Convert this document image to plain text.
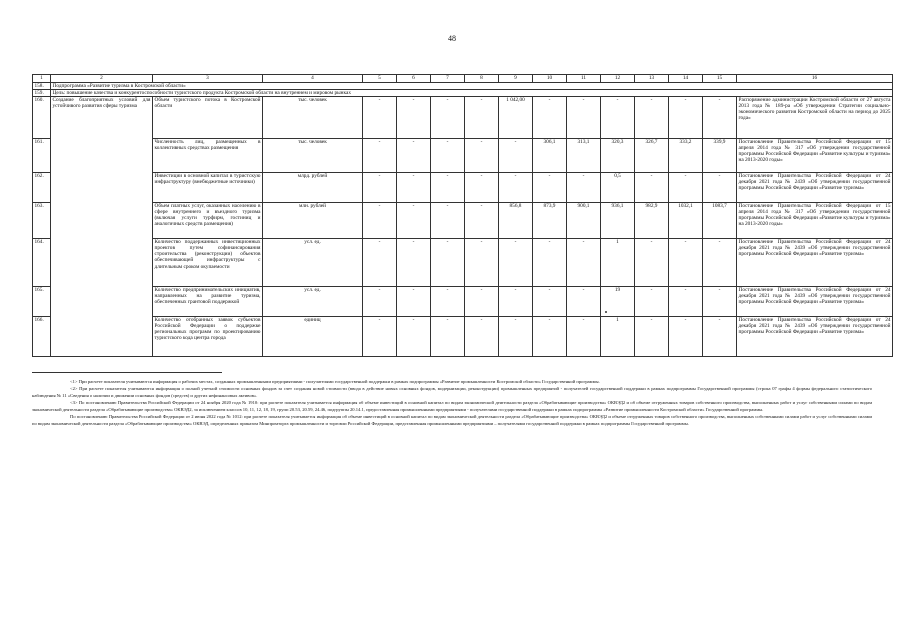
48
1	2	3	4	5	6	7	8	9	10	11	12	13	14	15	16
158.	Подпрограмма «Развитие туризма в Костромской области»														
159.	Цель: повышение качества и конкурентоспособности туристского продукта Костромской области на внутреннем и мировом рынках														
160.	Создание благоприятных условий для устойчивого развития сферы туризма	Объем туристского потока в Костромской области	тыс. человек	-	-	-	-	1 042,00	-	-	-	-	-	-	Распоряжение администрации Костромской области от 27 августа 2013 года № 189-ра «Об утверждении Стратегии социально-экономического развития Костромской области на период до 2025 года»
161.		Численность лиц, размещенных в коллективных средствах размещения	тыс. человек	-	-	-	-	-	306,1	313,1	320,3	326,7	333,2	339,9	Постановление Правительства Российской Федерации от 15 апреля 2014 года № 317 «Об утверждении государственной программы Российской Федерации «Развитие культуры и туризма» на 2013-2020 годы»
162.		Инвестиции в основной капитал в туристскую инфраструктуру (внебюджетные источники)	млрд. рублей	-	-	-	-	-	-	-	0,5	-	-	-	Постановление Правительства Российской Федерации от 24 декабря 2021 года № 2439 «Об утверждении государственной программы Российской Федерации «Развитие туризма»
163.		Объем платных услуг, оказанных населению в сфере внутреннего и въездного туризма (включая услуги турфирм, гостиниц и аналогичных средств размещения)	млн. рублей	-	-	-	-	856,8	873,9	900,1	936,1	982,9	1032,1	1083,7	Постановление Правительства Российской Федерации от 15 апреля 2014 года № 317 «Об утверждении государственной программы Российской Федерации «Развитие культуры и туризма» на 2013-2020 годы»
164.		Количество поддержанных инвестиционных проектов путем софинансирования строительства (реконструкции) объектов обеспечивающей инфраструктуры с длительным сроком окупаемости	усл. ед.	-	-	-	-	-	-	-	1	-	-	-	Постановление Правительства Российской Федерации от 24 декабря 2021 года № 2439 «Об утверждении государственной программы Российской Федерации «Развитие туризма»
165.		Количество предпринимательских инициатив, направленных на развитие туризма, обеспеченных грантовой поддержкой	усл. ед.	-	-	-	-	-	-	-	19	-	-	-	Постановление Правительства Российской Федерации от 24 декабря 2021 года № 2439 «Об утверждении государственной программы Российской Федерации «Развитие туризма»
166.		Количество отобранных заявок субъектов Российской Федерации о поддержке региональных программ по проектированию туристского кода центра города	единиц	-	-	-	-	-	-	-	1	-	-	-	Постановление Правительства Российской Федерации от 24 декабря 2021 года № 2439 «Об утверждении государственной программы Российской Федерации «Развитие туризма»

<1> При расчете показателя учитываются информация о рабочих местах, созданных промышленными предприятиями - получателями государственной поддержки в рамках подпрограммы «Развитие промышленности Костромской области» Государственной программы.

<2> При расчете показателя учитываются информация о полной учетной стоимости основных фондов за счет создания новой стоимости (ввода в действие новых основных фондов, модернизации, реконструкции) промышленных предприятий - получателей государственной поддержки в рамках подпрограммы Государственной программы (строка 07 графы 4 формы федерального статистического наблюдения № 11 «Сведения о наличии и движении основных фондов (средств) и других нефинансовых активов».

<3> По постановлению Правительства Российской Федерации от 24 ноября 2020 года № 1910: при расчете показателя учитывается информация об объеме инвестиций в основной капитал по видам экономической деятельности раздела «Обрабатывающие производства» ОКВЭД2 и об объеме отгруженных товаров собственного производства, выполненных работ и услуг собственными силами по видам экономической деятельности раздела «Обрабатывающие производства» ОКВЭД2, за исключением классов 10, 11, 12, 18, 19, групп 20.53, 20.59, 24.46, подгруппы 20.14.1, предоставленная промышленными предприятиями - получателями государственной поддержки в рамках подпрограммы «Развитие промышленности Костромской области» Государственной программы.

По постановлению Правительства Российской Федерации от 2 июня 2022 года № 1012: при расчете показателя учитывается информация об объеме инвестиций в основной капитал по видам экономической деятельности раздела «Обрабатывающие производства» ОКВЭД2 и объеме отгруженных товаров собственного производства, выполненных собственными силами работ и услуг собственными силами по видам экономической деятельности раздела «Обрабатывающие производства» ОКВЭД, определенных приказом Минпромторга промышленности и торговли Российской Федерации, представленная промышленными предприятиями – получателями государственной поддержки в рамках подпрограммы Государственной программы.
